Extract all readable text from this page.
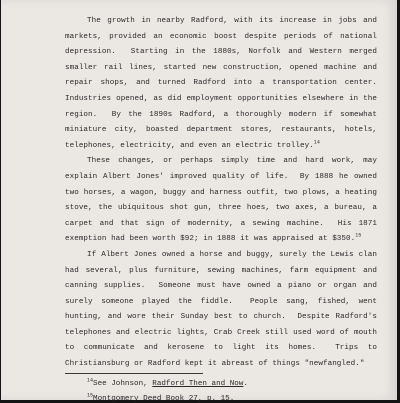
The growth in nearby Radford, with its increase in jobs and
markets, provided an economic boost despite periods of national
depression.  Starting in the 1880s, Norfolk and Western merged
smaller rail lines, started new construction, opened machine and
repair shops, and turned Radford into a transportation center.
Industries opened, as did employment opportunities elsewhere in the
region.  By the 1890s Radford, a thoroughly modern if somewhat
miniature city, boasted department stores, restaurants, hotels,
telephones, electricity, and even an electric trolley.$^{14}$
These changes, or perhaps simply time and hard work, may
explain Albert Jones' improved quality of life.  By 1888 he owned
two horses, a wagon, buggy and harness outfit, two plows, a heating
stove, the ubiquitous shot gun, three hoes, two axes, a bureau, a
carpet and that sign of modernity, a sewing machine.  His 1871
exemption had been worth $92; in 1888 it was appraised at $350.15
If Albert Jones owned a horse and buggy, surely the Lewis clan
had several, plus furniture, sewing machines, farm equipment and
canning supplies.  Someone must have owned a piano or organ and
surely someone played the fiddle.  People sang, fished, went
hunting, and wore their Sunday best to church.  Despite Radford's
telephones and electric lights, Crab Creek still used word of mouth
to communicate and kerosene to light its homes.  Trips to
Christiansburg or Radford kept it abreast of things "newfangled."
$^{14}$See Johnson, Radford Then and Now.
$^{15}$Montgomery Deed Book 27, p. 15.
